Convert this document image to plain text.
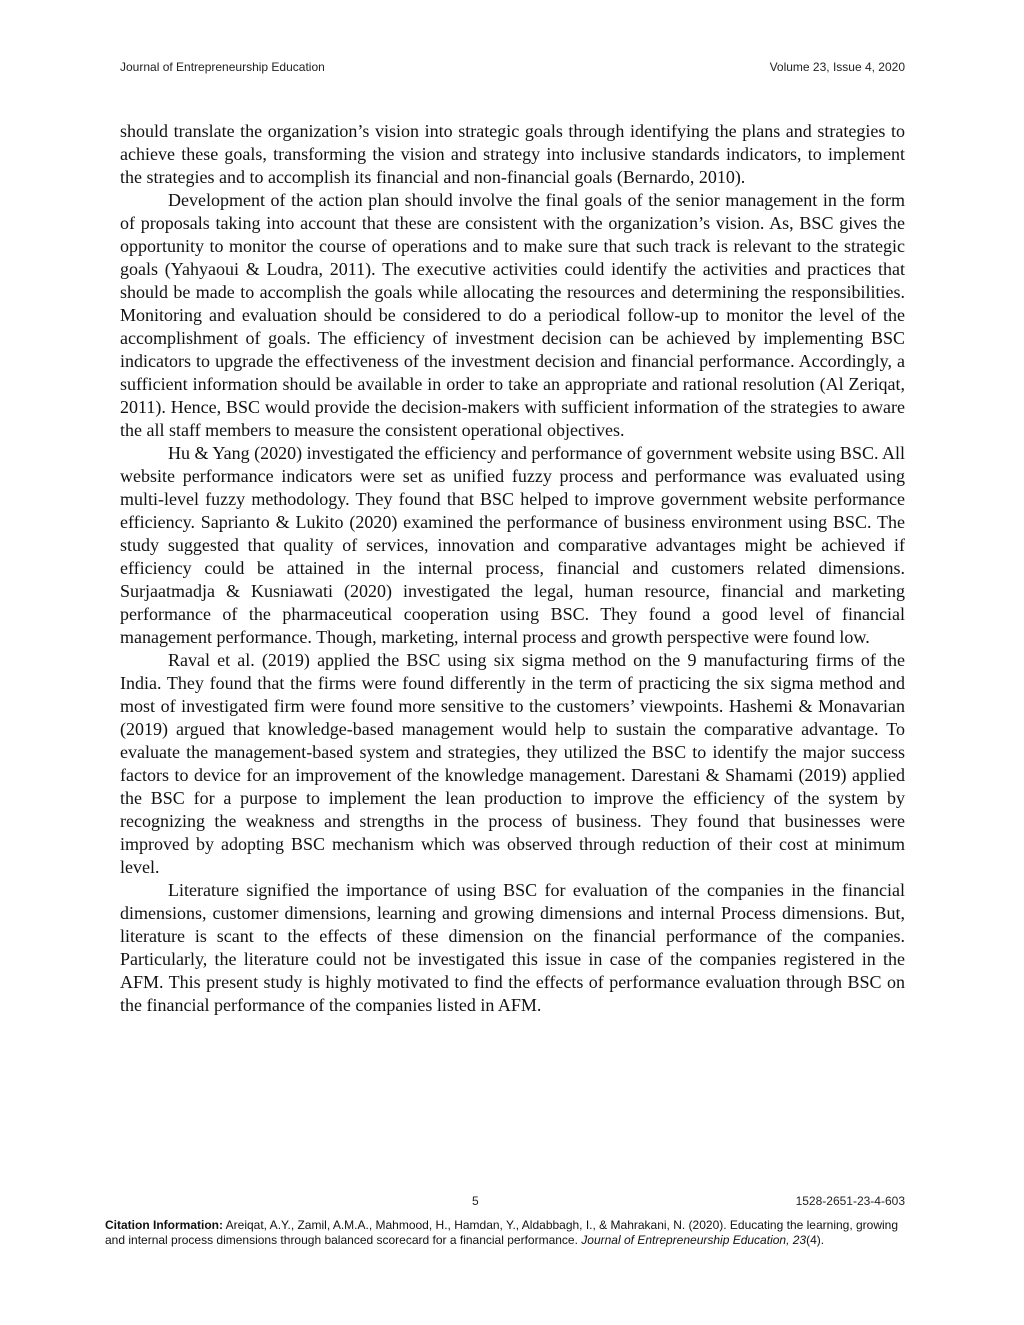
Journal of Entrepreneurship Education	Volume 23, Issue 4, 2020

should translate the organization’s vision into strategic goals through identifying the plans and strategies to achieve these goals, transforming the vision and strategy into inclusive standards indicators, to implement the strategies and to accomplish its financial and non-financial goals (Bernardo, 2010).

Development of the action plan should involve the final goals of the senior management in the form of proposals taking into account that these are consistent with the organization’s vision. As, BSC gives the opportunity to monitor the course of operations and to make sure that such track is relevant to the strategic goals (Yahyaoui & Loudra, 2011). The executive activities could identify the activities and practices that should be made to accomplish the goals while allocating the resources and determining the responsibilities. Monitoring and evaluation should be considered to do a periodical follow-up to monitor the level of the accomplishment of goals. The efficiency of investment decision can be achieved by implementing BSC indicators to upgrade the effectiveness of the investment decision and financial performance. Accordingly, a sufficient information should be available in order to take an appropriate and rational resolution (Al Zeriqat, 2011). Hence, BSC would provide the decision-makers with sufficient information of the strategies to aware the all staff members to measure the consistent operational objectives.

Hu & Yang (2020) investigated the efficiency and performance of government website using BSC. All website performance indicators were set as unified fuzzy process and performance was evaluated using multi-level fuzzy methodology. They found that BSC helped to improve government website performance efficiency. Saprianto & Lukito (2020) examined the performance of business environment using BSC. The study suggested that quality of services, innovation and comparative advantages might be achieved if efficiency could be attained in the internal process, financial and customers related dimensions. Surjaatmadja & Kusniawati (2020) investigated the legal, human resource, financial and marketing performance of the pharmaceutical cooperation using BSC. They found a good level of financial management performance. Though, marketing, internal process and growth perspective were found low.

Raval et al. (2019) applied the BSC using six sigma method on the 9 manufacturing firms of the India. They found that the firms were found differently in the term of practicing the six sigma method and most of investigated firm were found more sensitive to the customers’ viewpoints. Hashemi & Monavarian (2019) argued that knowledge-based management would help to sustain the comparative advantage. To evaluate the management-based system and strategies, they utilized the BSC to identify the major success factors to device for an improvement of the knowledge management. Darestani & Shamami (2019) applied the BSC for a purpose to implement the lean production to improve the efficiency of the system by recognizing the weakness and strengths in the process of business. They found that businesses were improved by adopting BSC mechanism which was observed through reduction of their cost at minimum level.

Literature signified the importance of using BSC for evaluation of the companies in the financial dimensions, customer dimensions, learning and growing dimensions and internal Process dimensions. But, literature is scant to the effects of these dimension on the financial performance of the companies. Particularly, the literature could not be investigated this issue in case of the companies registered in the AFM. This present study is highly motivated to find the effects of performance evaluation through BSC on the financial performance of the companies listed in AFM.

5	1528-2651-23-4-603
Citation Information: Areiqat, A.Y., Zamil, A.M.A., Mahmood, H., Hamdan, Y., Aldabbagh, I., & Mahrakani, N. (2020). Educating the learning, growing and internal process dimensions through balanced scorecard for a financial performance. Journal of Entrepreneurship Education, 23(4).
